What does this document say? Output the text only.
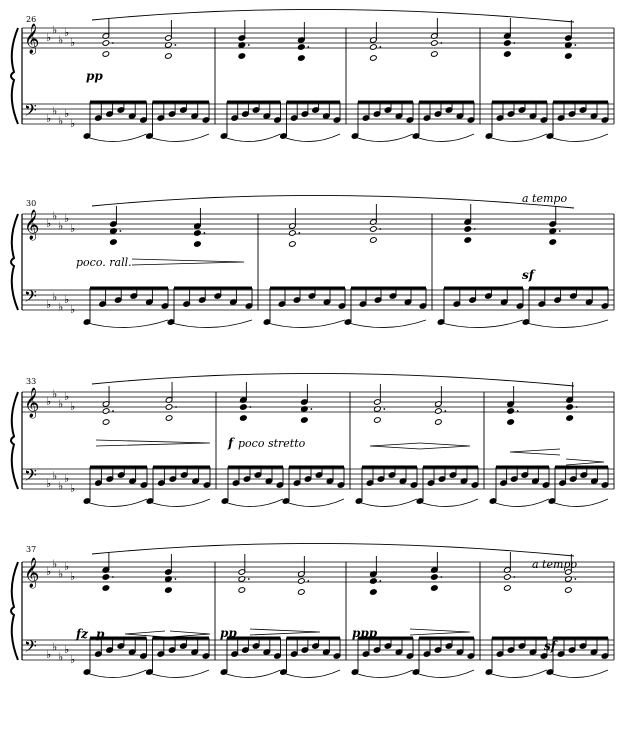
𝄞
𝄢
♭
♭
♭
♭
♭
♭
♭
♭
♭
♭
𝄞
𝄢
♭
♭
♭
♭
♭
♭
♭
♭
♭
♭
𝄞
𝄢
♭
♭
♭
♭
♭
♭
♭
♭
♭
♭
𝄞
𝄢
♭
♭
♭
♭
♭
♭
♭
♭
♭
♭
26
pp
30
poco. rall.
a tempo
sf
33
f poco stretto
37
fz p	pp	ppp
a tempo
sf
